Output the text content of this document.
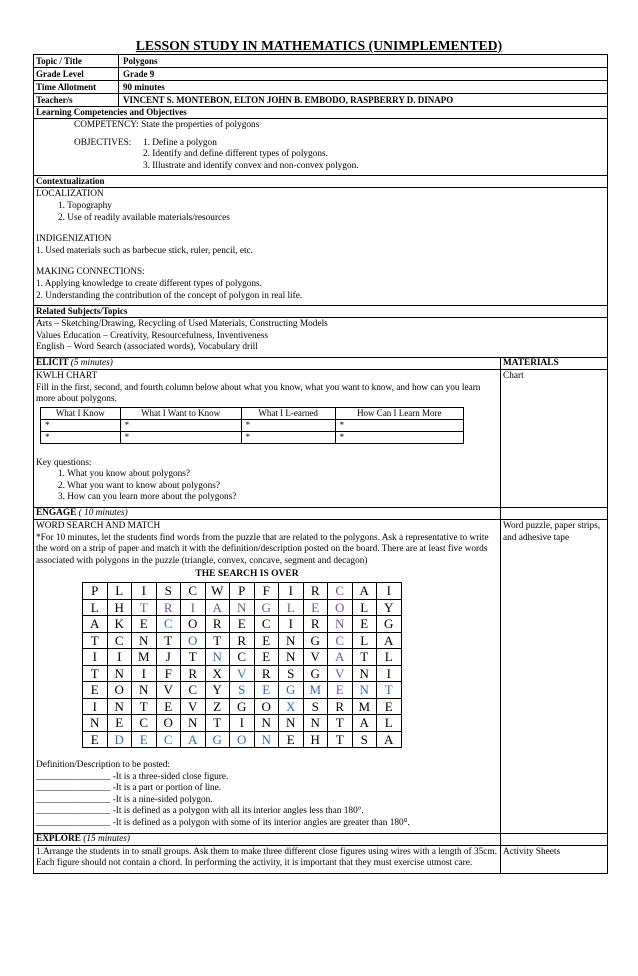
LESSON STUDY IN MATHEMATICS (UNIMPLEMENTED)
Topic / Title	Polygons
Grade Level	Grade 9
Time Allotment	90 minutes
Teacher/s	VINCENT S. MONTEBON, ELTON JOHN B. EMBODO, RASPBERRY D. DINAPO
Learning Competencies and Objectives
COMPETENCY: State the properties of polygons
OBJECTIVES: 1. Define a polygon
2. Identify and define different types of polygons.
3. Illustrate and identify convex and non-convex polygon.
Contextualization
LOCALIZATION
1. Topography
2. Use of readily available materials/resources
INDIGENIZATION
1. Used materials such as barbecue stick, ruler, pencil, etc.
MAKING CONNECTIONS:
1. Applying knowledge to create different types of polygons.
2. Understanding the contribution of the concept of polygon in real life.
Related Subjects/Topics
Arts – Sketching/Drawing, Recycling of Used Materials, Constructing Models
Values Education – Creativity, Resourcefulness, Inventiveness
English – Word Search (associated words), Vocabulary drill
ELICIT (5 minutes)	MATERIALS
KWLH CHART
Fill in the first, second, and fourth column below about what you know, what you want to know, and how can you learn more about polygons.
What I Know	What I Want to Know	What I L-earned	How Can I Learn More
*	*	*	*
*	*	*	*
Key questions:
1. What you know about polygons?
2. What you want to know about polygons?
3. How can you learn more about the polygons?
Chart
ENGAGE ( 10 minutes)
WORD SEARCH AND MATCH
*For 10 minutes, let the students find words from the puzzle that are related to the polygons. Ask a representative to write the word on a strip of paper and match it with the definition/description posted on the board. There are at least five words associated with polygons in the puzzle (triangle, convex, concave, segment and decagon)
THE SEARCH IS OVER
P	L	I	S	C	W	P	F	I	R	C	A	I
L	H	T	R	I	A	N	G	L	E	O	L	Y
A	K	E	C	O	R	E	C	I	R	N	E	G
T	C	N	T	O	T	R	E	N	G	C	L	A
I	I	M	J	T	N	C	E	N	V	A	T	L
T	N	I	F	R	X	V	R	S	G	V	N	I
E	O	N	V	C	Y	S	E	G	M	E	N	T
I	N	T	E	V	Z	G	O	X	S	R	M	E
N	E	C	O	N	T	I	N	N	N	T	A	L
E	D	E	C	A	G	O	N	E	H	T	S	A
Definition/Description to be posted:
________________ -It is a three-sided close figure.
________________ -It is a part or portion of line.
________________ -It is a nine-sided polygon.
________________ -It is defined as a polygon with all its interior angles less than 180°.
________________ -It is defined as a polygon with some of its interior angles are greater than 180⁰.
Word puzzle, paper strips, and adhesive tape
EXPLORE (15 minutes)
1.Arrange the students in to small groups. Ask them to make three different close figures using wires with a length of 35cm. Each figure should not contain a chord. In performing the activity, it is important that they must exercise utmost care.
Activity Sheets
